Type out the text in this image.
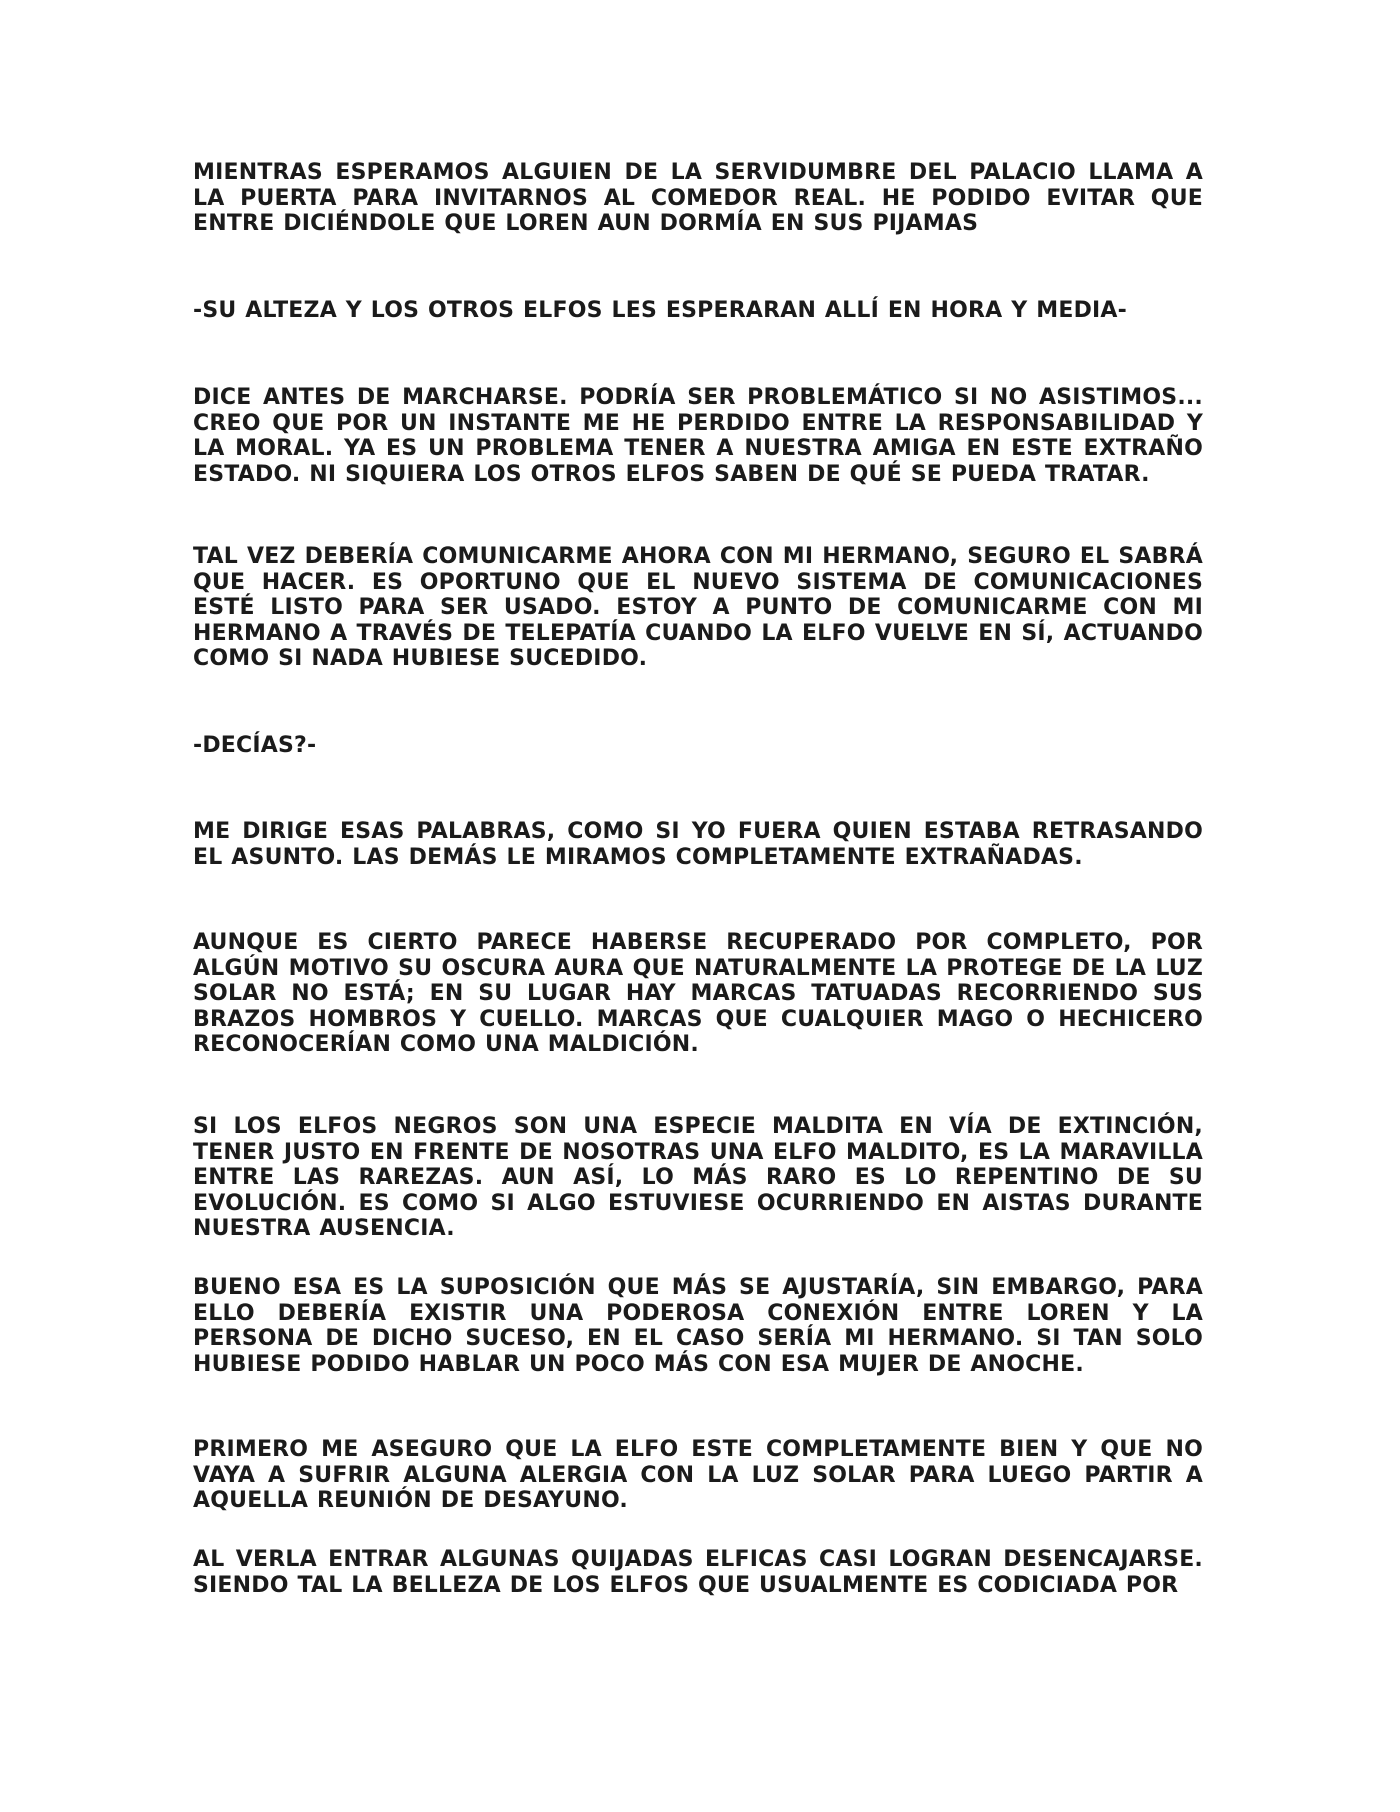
MIENTRAS ESPERAMOS ALGUIEN DE LA SERVIDUMBRE DEL PALACIO LLAMA A LA PUERTA PARA INVITARNOS AL COMEDOR REAL. HE PODIDO EVITAR QUE ENTRE DICIÉNDOLE QUE LOREN AUN DORMÍA EN SUS PIJAMAS

-SU ALTEZA Y LOS OTROS ELFOS LES ESPERARAN ALLÍ EN HORA Y MEDIA-

DICE ANTES DE MARCHARSE. PODRÍA SER PROBLEMÁTICO SI NO ASISTIMOS... CREO QUE POR UN INSTANTE ME HE PERDIDO ENTRE LA RESPONSABILIDAD Y LA MORAL. YA ES UN PROBLEMA TENER A NUESTRA AMIGA EN ESTE EXTRAÑO ESTADO. NI SIQUIERA LOS OTROS ELFOS SABEN DE QUÉ SE PUEDA TRATAR.

TAL VEZ DEBERÍA COMUNICARME AHORA CON MI HERMANO, SEGURO EL SABRÁ QUE HACER. ES OPORTUNO QUE EL NUEVO SISTEMA DE COMUNICACIONES ESTÉ LISTO PARA SER USADO. ESTOY A PUNTO DE COMUNICARME CON MI HERMANO A TRAVÉS DE TELEPATÍA CUANDO LA ELFO VUELVE EN SÍ, ACTUANDO COMO SI NADA HUBIESE SUCEDIDO.

-DECÍAS?-

ME DIRIGE ESAS PALABRAS, COMO SI YO FUERA QUIEN ESTABA RETRASANDO EL ASUNTO. LAS DEMÁS LE MIRAMOS COMPLETAMENTE EXTRAÑADAS.

AUNQUE ES CIERTO PARECE HABERSE RECUPERADO POR COMPLETO, POR ALGÚN MOTIVO SU OSCURA AURA QUE NATURALMENTE LA PROTEGE DE LA LUZ SOLAR NO ESTÁ; EN SU LUGAR HAY MARCAS TATUADAS RECORRIENDO SUS BRAZOS HOMBROS Y CUELLO. MARCAS QUE CUALQUIER MAGO O HECHICERO RECONOCERÍAN COMO UNA MALDICIÓN.

SI LOS ELFOS NEGROS SON UNA ESPECIE MALDITA EN VÍA DE EXTINCIÓN, TENER JUSTO EN FRENTE DE NOSOTRAS UNA ELFO MALDITO, ES LA MARAVILLA ENTRE LAS RAREZAS. AUN ASÍ, LO MÁS RARO ES LO REPENTINO DE SU EVOLUCIÓN. ES COMO SI ALGO ESTUVIESE OCURRIENDO EN AISTAS DURANTE NUESTRA AUSENCIA.

BUENO ESA ES LA SUPOSICIÓN QUE MÁS SE AJUSTARÍA, SIN EMBARGO, PARA ELLO DEBERÍA EXISTIR UNA PODEROSA CONEXIÓN ENTRE LOREN Y LA PERSONA DE DICHO SUCESO, EN EL CASO SERÍA MI HERMANO. SI TAN SOLO HUBIESE PODIDO HABLAR UN POCO MÁS CON ESA MUJER DE ANOCHE.

PRIMERO ME ASEGURO QUE LA ELFO ESTE COMPLETAMENTE BIEN Y QUE NO VAYA A SUFRIR ALGUNA ALERGIA CON LA LUZ SOLAR PARA LUEGO PARTIR A AQUELLA REUNIÓN DE DESAYUNO.

AL VERLA ENTRAR ALGUNAS QUIJADAS ELFICAS CASI LOGRAN DESENCAJARSE. SIENDO TAL LA BELLEZA DE LOS ELFOS QUE USUALMENTE ES CODICIADA POR
